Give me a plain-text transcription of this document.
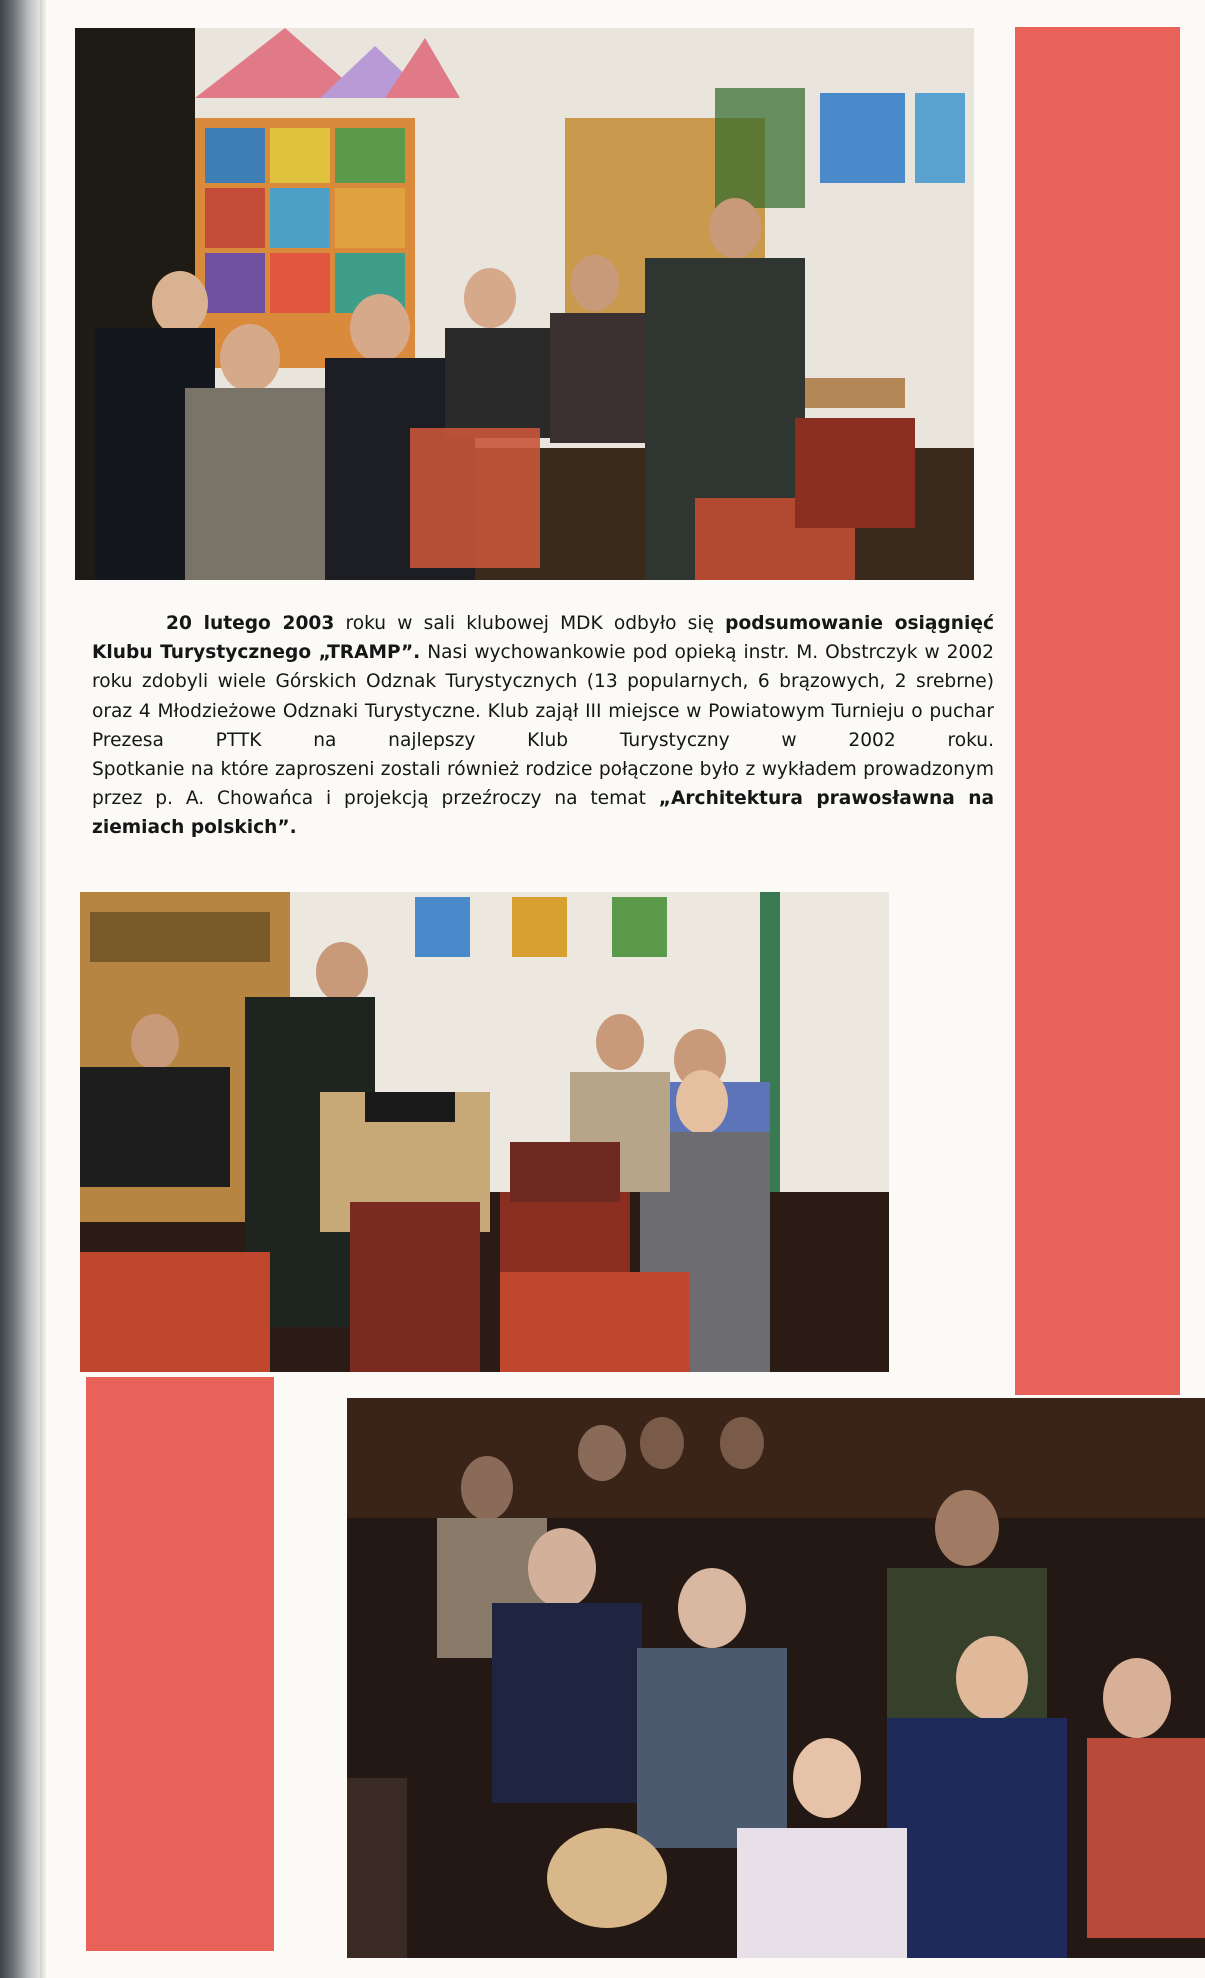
20 lutego 2003 roku w sali klubowej MDK odbyło się podsumowanie osiągnięć Klubu Turystycznego „TRAMP”. Nasi wychowankowie pod opieką instr. M. Obstrczyk w 2002 roku zdobyli wiele Górskich Odznak Turystycznych (13 popularnych, 6 brązowych, 2 srebrne) oraz 4 Młodzieżowe Odznaki Turystyczne. Klub zajął III miejsce w Powiatowym Turnieju o puchar Prezesa PTTK na najlepszy Klub Turystyczny w 2002 roku.

Spotkanie na które zaproszeni zostali również rodzice połączone było z wykładem prowadzonym przez p. A. Chowańca i projekcją przeźroczy na temat „Architektura prawosławna na ziemiach polskich”.
